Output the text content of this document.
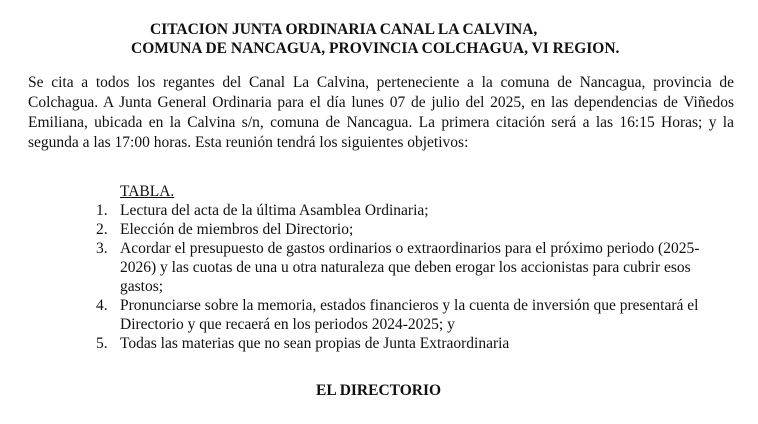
CITACION JUNTA ORDINARIA CANAL LA CALVINA,
COMUNA DE NANCAGUA, PROVINCIA COLCHAGUA, VI REGION.
Se cita a todos los regantes del Canal La Calvina, perteneciente a la comuna de Nancagua, provincia de Colchagua. A Junta General Ordinaria para el día lunes 07 de julio del 2025, en las dependencias de Viñedos Emiliana, ubicada en la Calvina s/n, comuna de Nancagua. La primera citación será a las 16:15 Horas; y la segunda a las 17:00 horas. Esta reunión tendrá los siguientes objetivos:
TABLA.
1. Lectura del acta de la última Asamblea Ordinaria;
2. Elección de miembros del Directorio;
3. Acordar el presupuesto de gastos ordinarios o extraordinarios para el próximo periodo (2025-2026) y las cuotas de una u otra naturaleza que deben erogar los accionistas para cubrir esos gastos;
4. Pronunciarse sobre la memoria, estados financieros y la cuenta de inversión que presentará el Directorio y que recaerá en los periodos 2024-2025; y
5. Todas las materias que no sean propias de Junta Extraordinaria
EL DIRECTORIO
